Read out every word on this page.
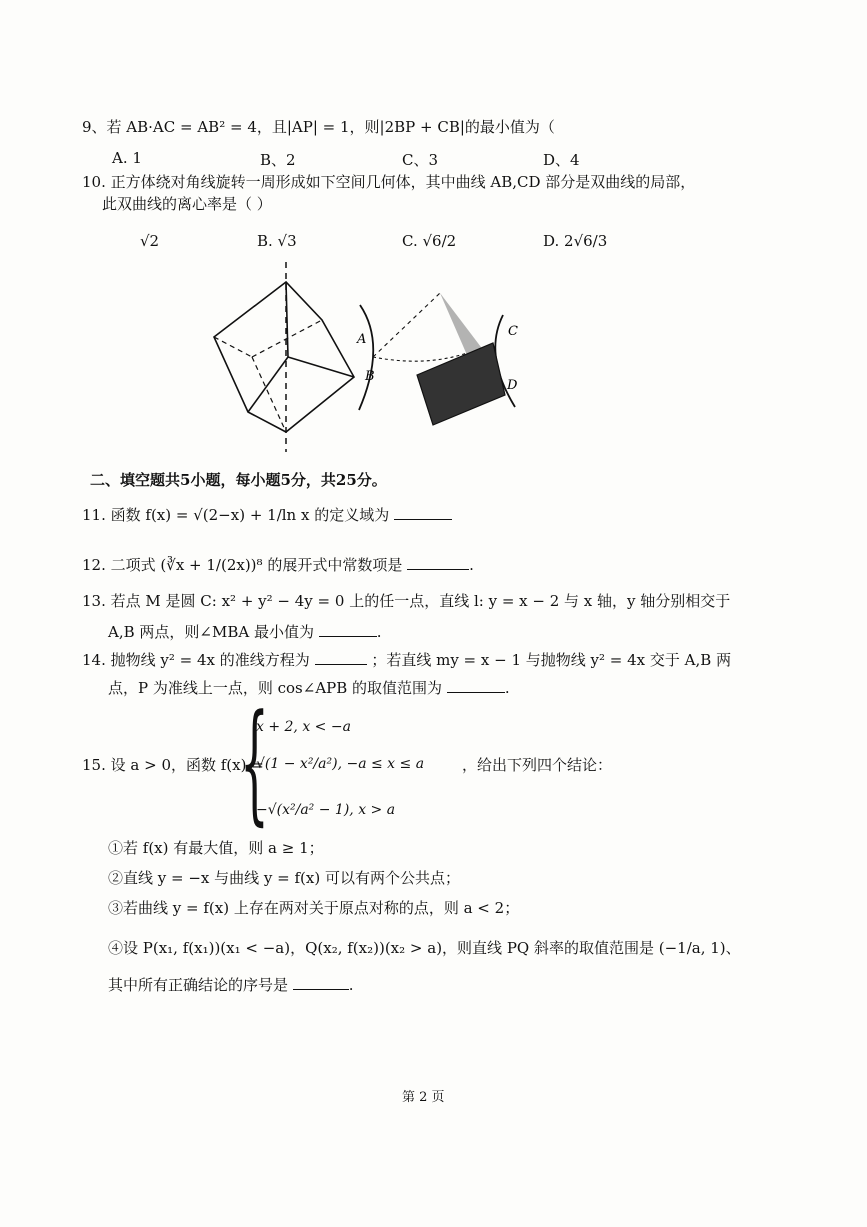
9、若 AB·AC = AB² = 4，且|AP| = 1，则|2BP + CB|的最小值为（
A. 1	B、2	C、3	D、4
10. 正方体绕对角线旋转一周形成如下空间几何体，其中曲线 AB,CD 部分是双曲线的局部，
此双曲线的离心率是（ ）
√2	B. √3	C. √6/2	D. 2√6/3
A
B
C
D
二、填空题共5小题，每小题5分，共25分。
11. 函数 f(x) = √(2−x) + 1/ln x 的定义域为
12. 二项式 (∛x + 1/(2x))⁸ 的展开式中常数项是	.
13. 若点 M 是圆 C: x² + y² − 4y = 0 上的任一点，直线 l: y = x − 2 与 x 轴，y 轴分别相交于
A,B 两点，则∠MBA 最小值为	.
14. 抛物线 y² = 4x 的准线方程为	；若直线 my = x − 1 与抛物线 y² = 4x 交于 A,B 两
点，P 为准线上一点，则 cos∠APB 的取值范围为	.
15. 设 a > 0，函数 f(x) =
{
x + 2, x < −a
√(1 − x²/a²), −a ≤ x ≤ a
−√(x²/a² − 1), x > a
，给出下列四个结论：
①若 f(x) 有最大值，则 a ≥ 1；
②直线 y = −x 与曲线 y = f(x) 可以有两个公共点；
③若曲线 y = f(x) 上存在两对关于原点对称的点，则 a < 2；
④设 P(x₁, f(x₁))(x₁ < −a)，Q(x₂, f(x₂))(x₂ > a)，则直线 PQ 斜率的取值范围是 (−1/a, 1)、
其中所有正确结论的序号是	.
第 2 页
